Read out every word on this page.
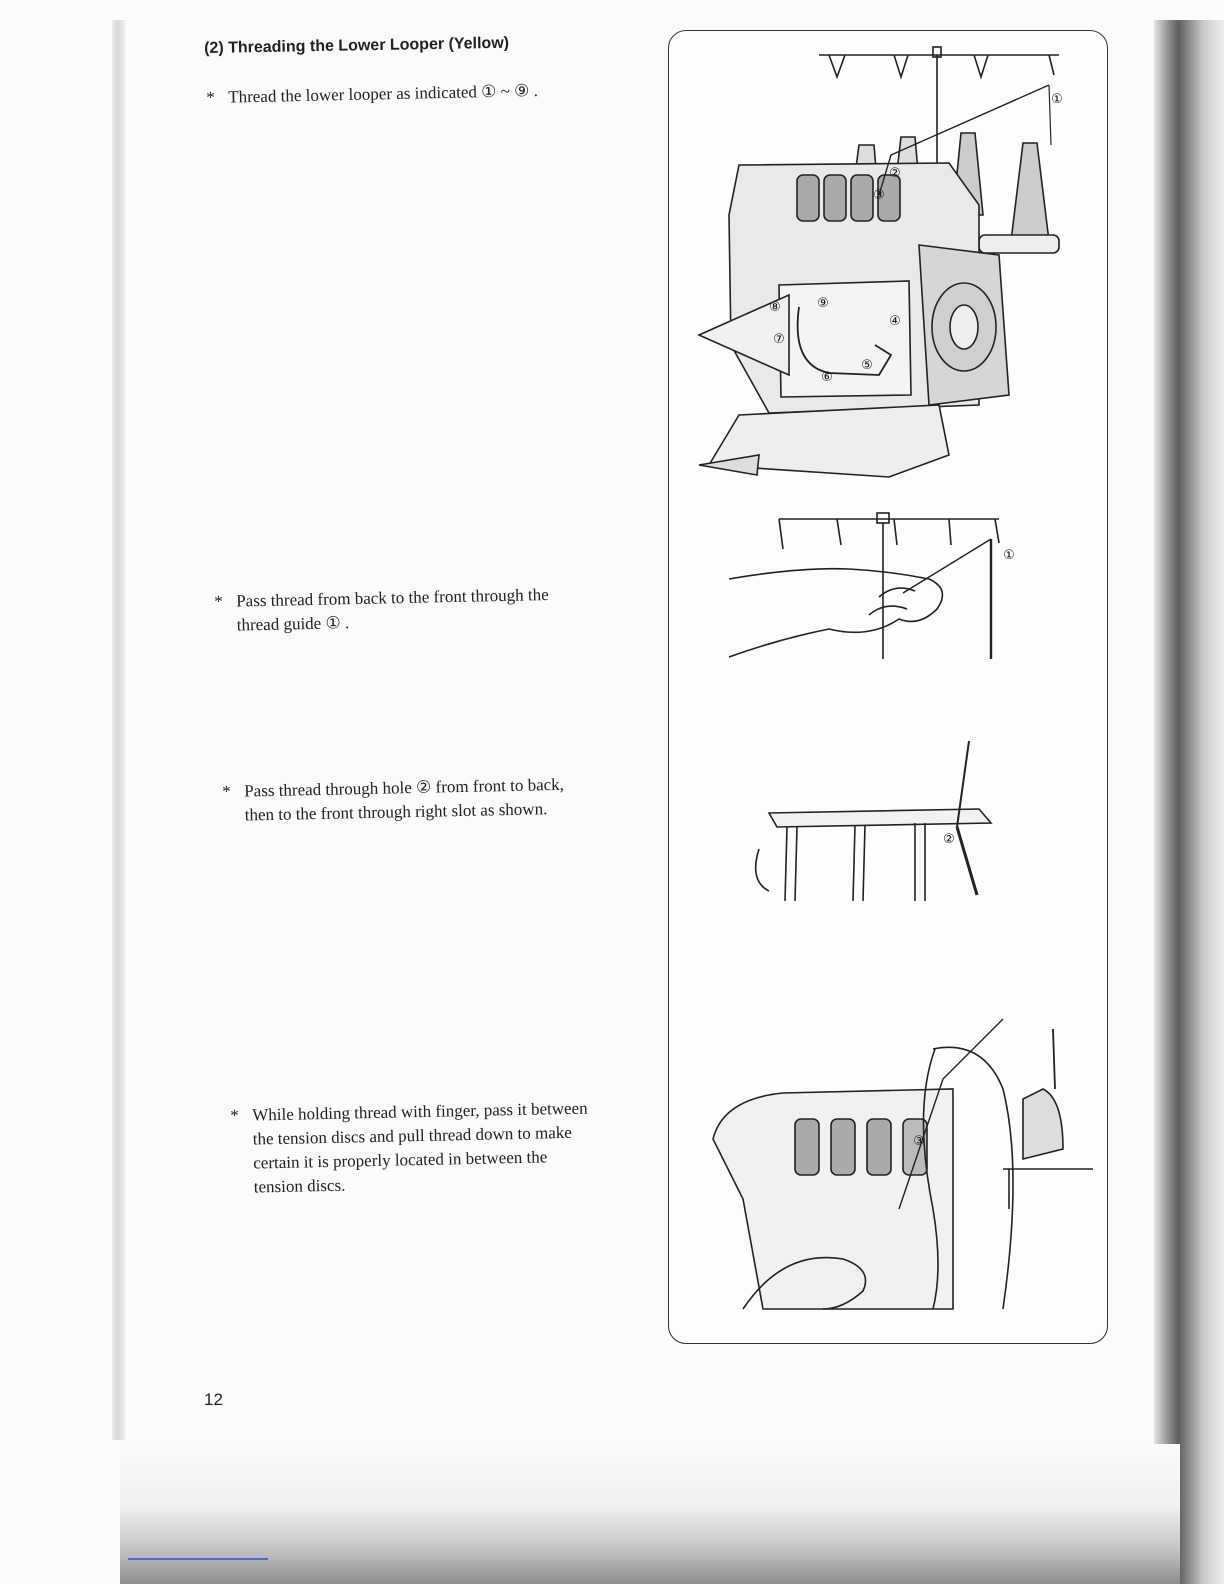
(2) Threading the Lower Looper (Yellow)

* Thread the lower looper as indicated ① ~ ⑨ .

* Pass thread from back to the front through the
thread guide ① .

* Pass thread through hole ② from front to back,
then to the front through right slot as shown.

* While holding thread with finger, pass it between
the tension discs and pull thread down to make
certain it is properly located in between the
tension discs.

12
①
②
③
④
⑤
⑥
⑦
⑧	⑨
①
②
③
